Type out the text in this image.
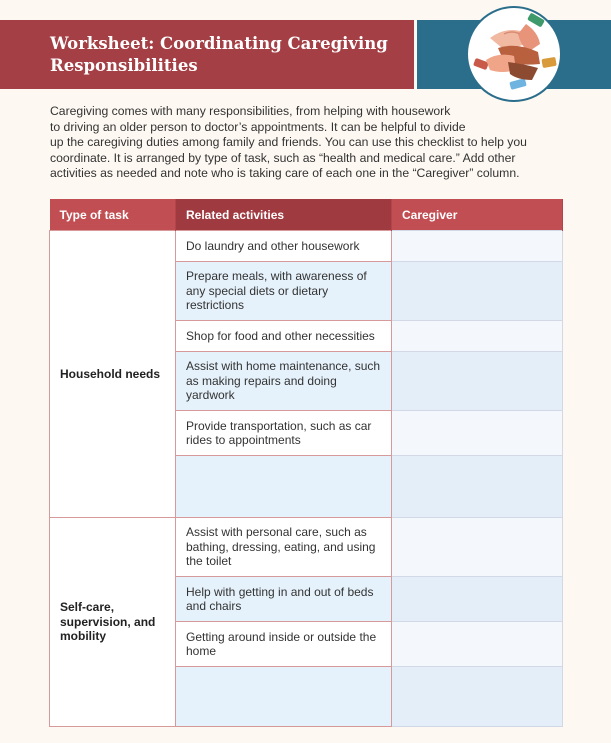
Worksheet: Coordinating Caregiving Responsibilities

Caregiving comes with many responsibilities, from helping with housework
to driving an older person to doctor’s appointments. It can be helpful to divide
up the caregiving duties among family and friends. You can use this checklist to help you
coordinate. It is arranged by type of task, such as “health and medical care.” Add other
activities as needed and note who is taking care of each one in the “Caregiver” column.

Type of task	Related activities	Caregiver
Household needs	Do laundry and other housework	
	Prepare meals, with awareness of any special diets or dietary restrictions	
	Shop for food and other necessities	
	Assist with home maintenance, such as making repairs and doing yardwork	
	Provide transportation, such as car rides to appointments	

Self-care, supervision, and mobility	Assist with personal care, such as bathing, dressing, eating, and using the toilet	
	Help with getting in and out of beds and chairs	
	Getting around inside or outside the home	
